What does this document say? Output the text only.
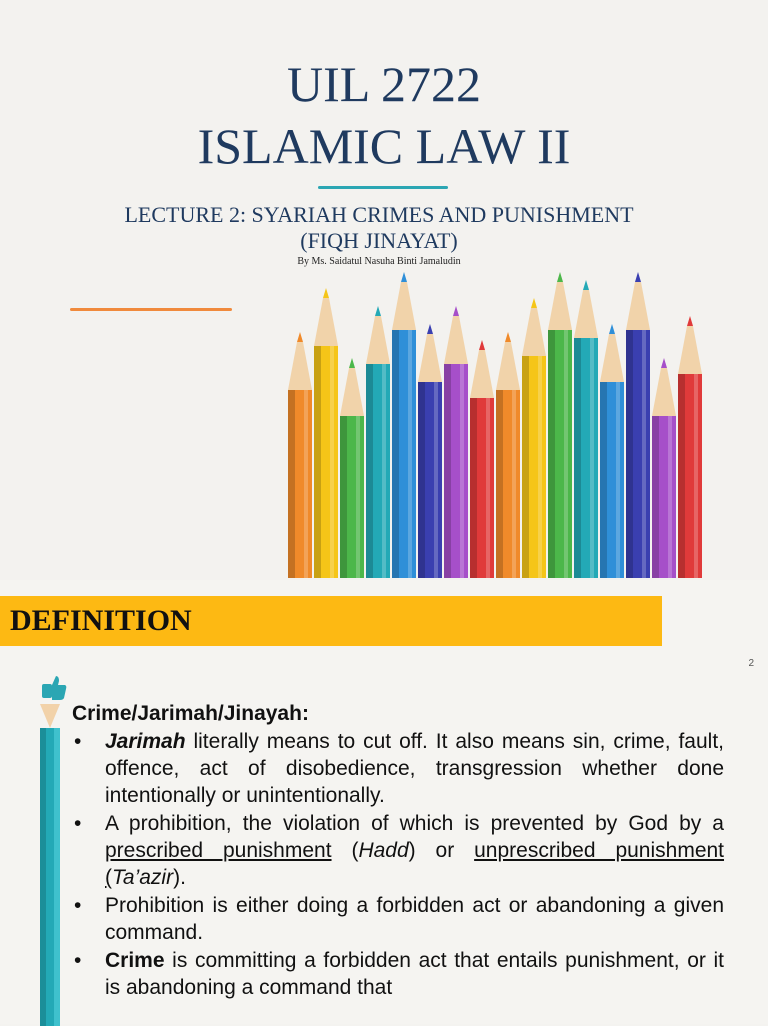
UIL 2722
ISLAMIC LAW II
LECTURE 2: SYARIAH CRIMES AND PUNISHMENT
(FIQH JINAYAT)
By Ms. Saidatul Nasuha Binti Jamaludin
DEFINITION
2
Crime/Jarimah/Jinayah:
• Jarimah literally means to cut off. It also means sin, crime, fault, offence, act of disobedience, transgression whether done intentionally or unintentionally.
• A prohibition, the violation of which is prevented by God by a prescribed punishment (Hadd) or unprescribed punishment (Ta’azir).
• Prohibition is either doing a forbidden act or abandoning a given command.
• Crime is committing a forbidden act that entails punishment, or it is abandoning a command that
